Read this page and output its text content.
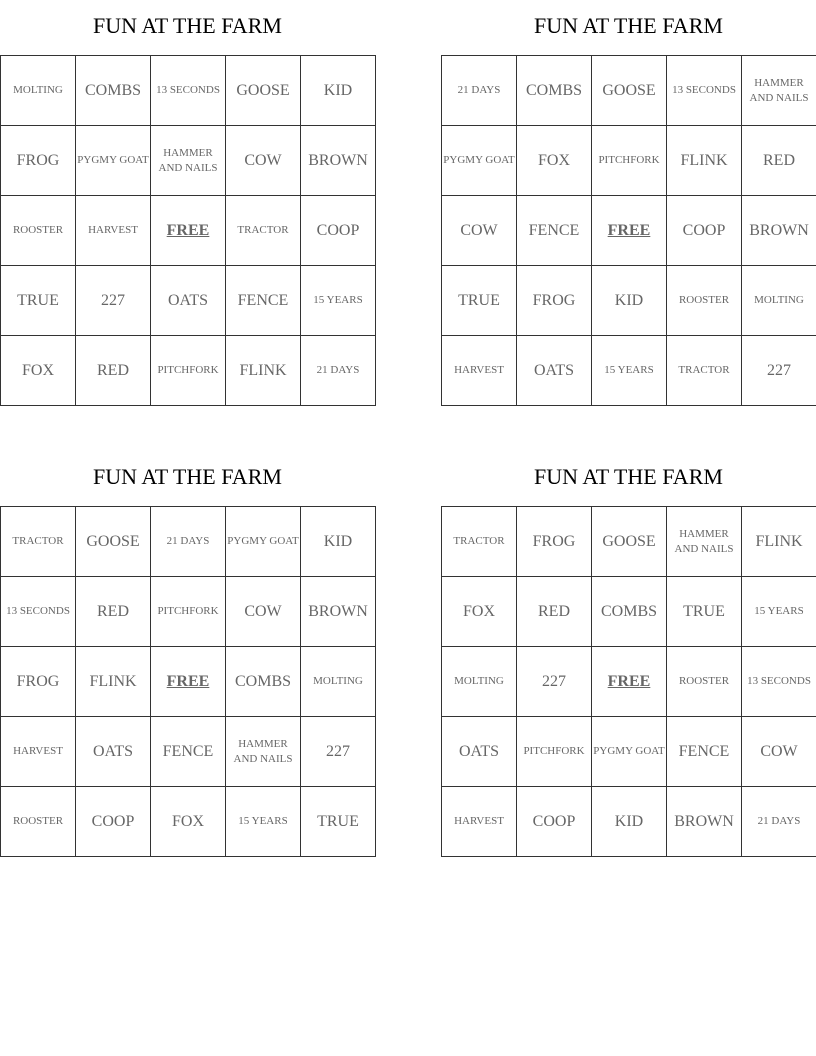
FUN AT THE FARM
MOLTING	COMBS	13 SECONDS	GOOSE	KID
FROG	PYGMY GOAT	HAMMER AND NAILS	COW	BROWN
ROOSTER	HARVEST	FREE	TRACTOR	COOP
TRUE	227	OATS	FENCE	15 YEARS
FOX	RED	PITCHFORK	FLINK	21 DAYS
FUN AT THE FARM
21 DAYS	COMBS	GOOSE	13 SECONDS	HAMMER AND NAILS
PYGMY GOAT	FOX	PITCHFORK	FLINK	RED
COW	FENCE	FREE	COOP	BROWN
TRUE	FROG	KID	ROOSTER	MOLTING
HARVEST	OATS	15 YEARS	TRACTOR	227
FUN AT THE FARM
TRACTOR	GOOSE	21 DAYS	PYGMY GOAT	KID
13 SECONDS	RED	PITCHFORK	COW	BROWN
FROG	FLINK	FREE	COMBS	MOLTING
HARVEST	OATS	FENCE	HAMMER AND NAILS	227
ROOSTER	COOP	FOX	15 YEARS	TRUE
FUN AT THE FARM
TRACTOR	FROG	GOOSE	HAMMER AND NAILS	FLINK
FOX	RED	COMBS	TRUE	15 YEARS
MOLTING	227	FREE	ROOSTER	13 SECONDS
OATS	PITCHFORK	PYGMY GOAT	FENCE	COW
HARVEST	COOP	KID	BROWN	21 DAYS
